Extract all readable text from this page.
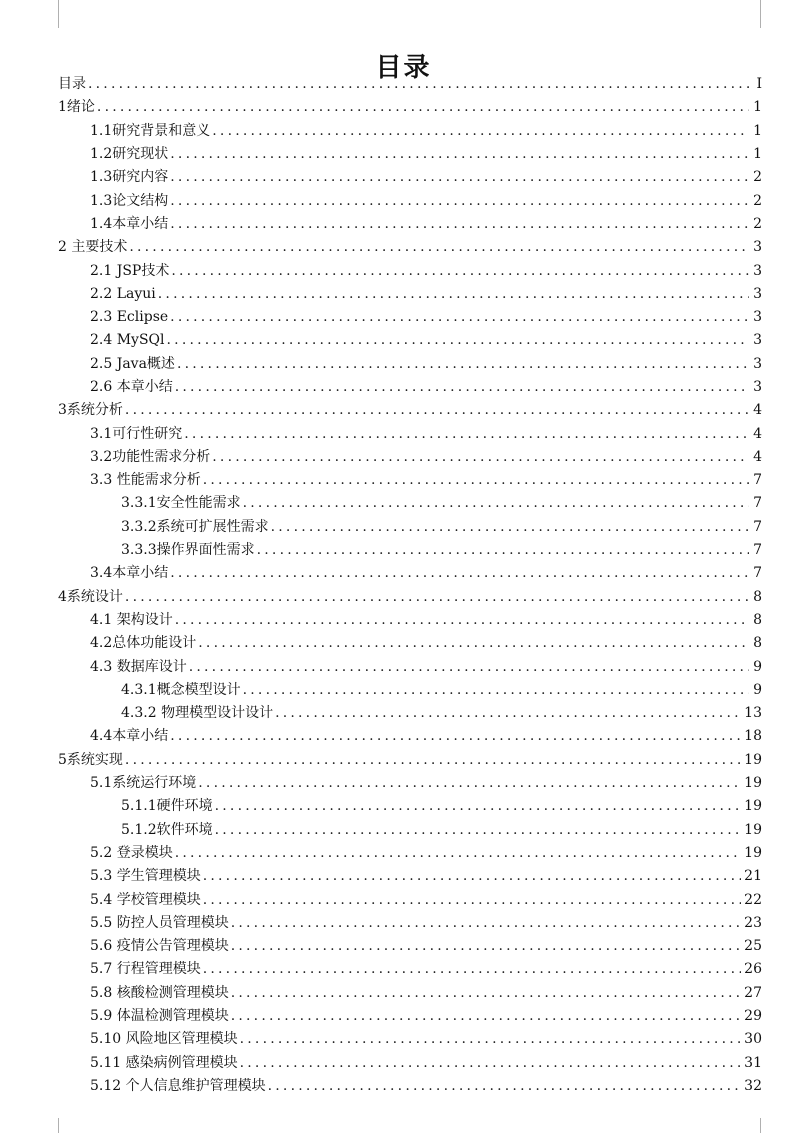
目录
目录 .....	I
1绪论 .....	1
1.1研究背景和意义 .....	1
1.2研究现状 .....	1
1.3研究内容 .....	2
1.3论文结构 .....	2
1.4本章小结 .....	2
2 主要技术 .....	3
2.1 JSP技术 .....	3
2.2 Layui .....	3
2.3 Eclipse .....	3
2.4 MySQl .....	3
2.5 Java概述 .....	3
2.6 本章小结 .....	3
3系统分析 .....	4
3.1可行性研究 .....	4
3.2功能性需求分析 .....	4
3.3 性能需求分析 .....	7
3.3.1安全性能需求 .....	7
3.3.2系统可扩展性需求 .....	7
3.3.3操作界面性需求 .....	7
3.4本章小结 .....	7
4系统设计 .....	8
4.1 架构设计 .....	8
4.2总体功能设计 .....	8
4.3 数据库设计 .....	9
4.3.1概念模型设计 .....	9
4.3.2 物理模型设计设计 .....	13
4.4本章小结 .....	18
5系统实现 .....	19
5.1系统运行环境 .....	19
5.1.1硬件环境 .....	19
5.1.2软件环境 .....	19
5.2 登录模块 .....	19
5.3 学生管理模块 .....	21
5.4 学校管理模块 .....	22
5.5 防控人员管理模块 .....	23
5.6 疫情公告管理模块 .....	25
5.7 行程管理模块 .....	26
5.8 核酸检测管理模块 .....	27
5.9 体温检测管理模块 .....	29
5.10 风险地区管理模块 .....	30
5.11 感染病例管理模块 .....	31
5.12 个人信息维护管理模块 .....	32
